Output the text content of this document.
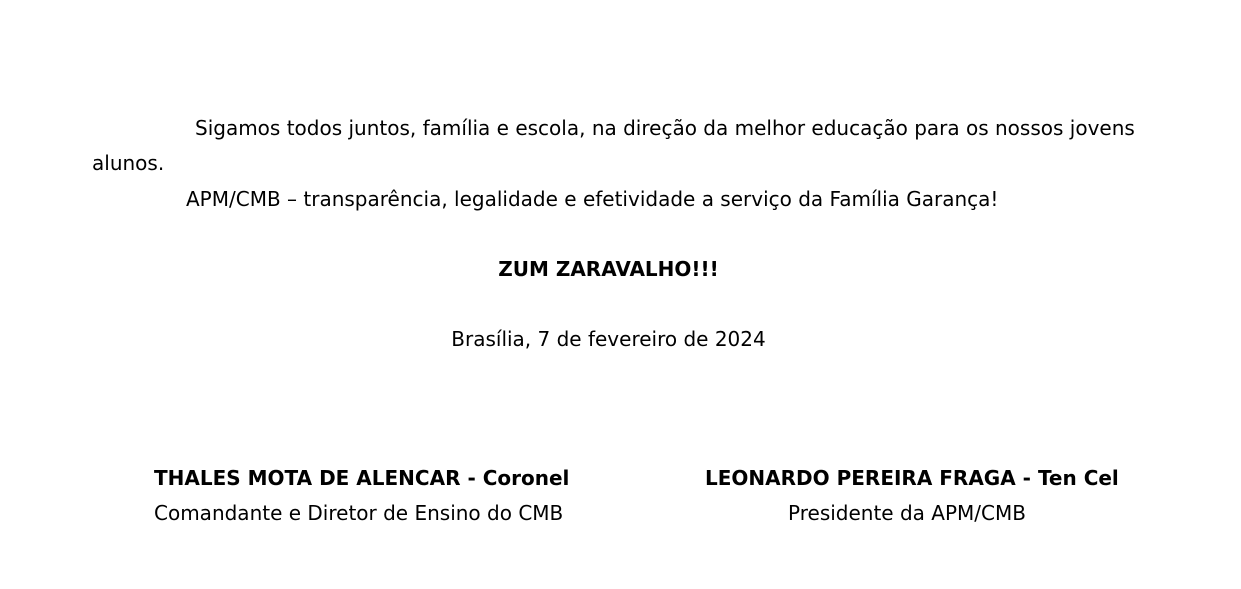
Sigamos todos juntos, família e escola, na direção da melhor educação para os nossos jovens
alunos.
APM/CMB – transparência, legalidade e efetividade a serviço da Família Garança!
ZUM ZARAVALHO!!!
Brasília, 7 de fevereiro de 2024
THALES MOTA DE ALENCAR - Coronel
Comandante e Diretor de Ensino do CMB
LEONARDO PEREIRA FRAGA - Ten Cel
Presidente da APM/CMB
